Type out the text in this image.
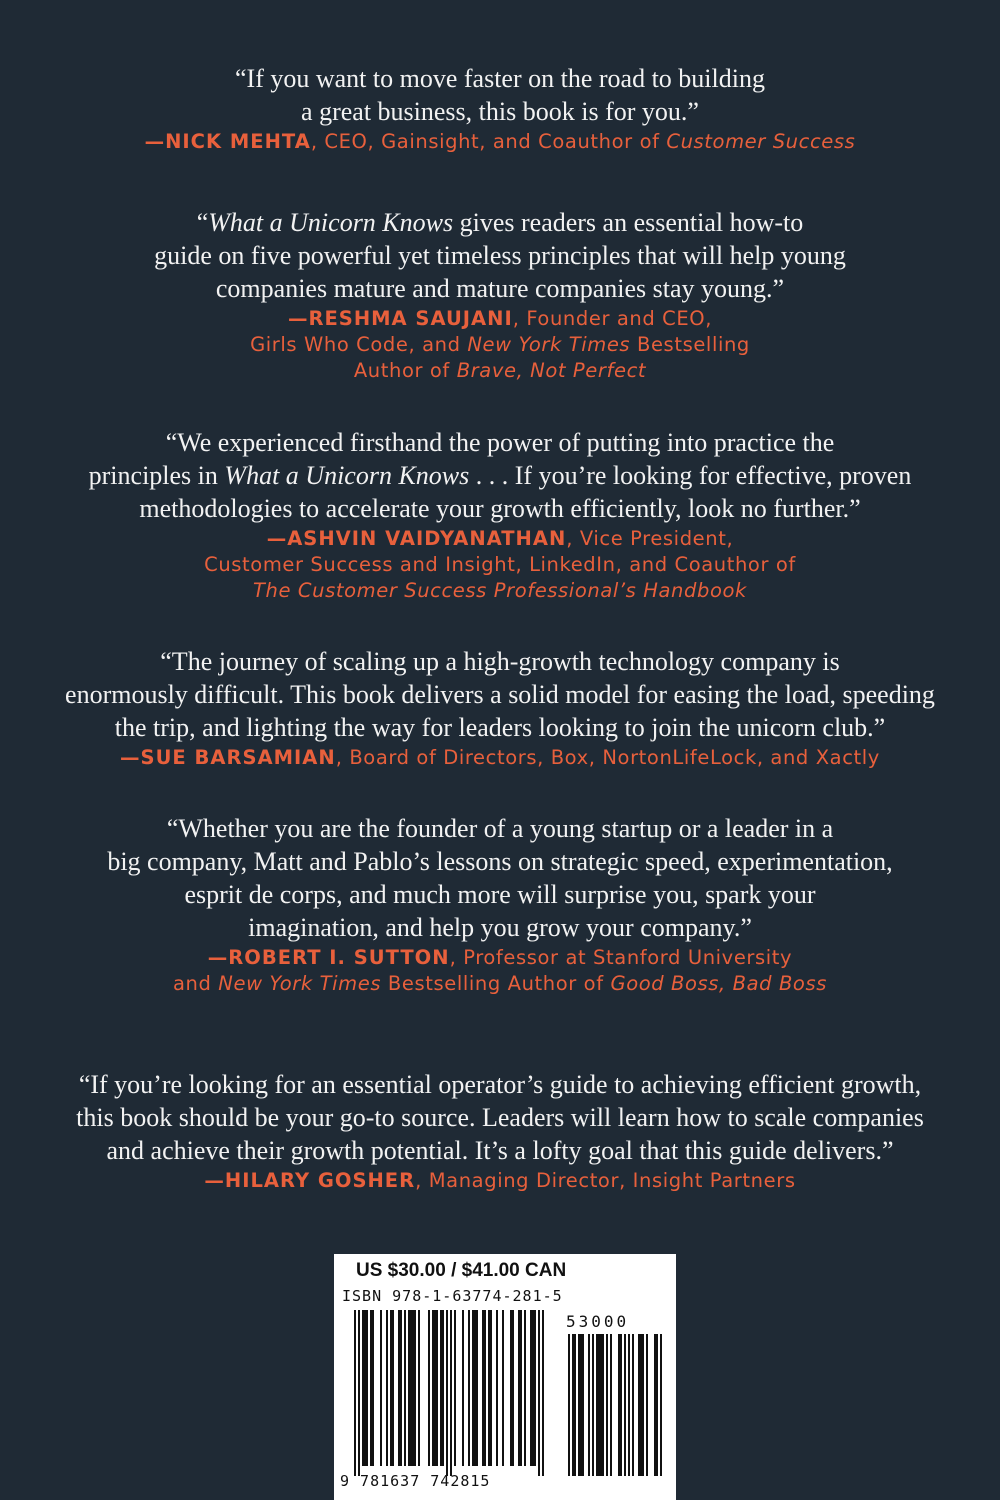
“If you want to move faster on the road to building
a great business, this book is for you.”
—NICK MEHTA, CEO, Gainsight, and Coauthor of Customer Success
“What a Unicorn Knows gives readers an essential how-to
guide on five powerful yet timeless principles that will help young
companies mature and mature companies stay young.”
—RESHMA SAUJANI, Founder and CEO,
Girls Who Code, and New York Times Bestselling
Author of Brave, Not Perfect
“We experienced firsthand the power of putting into practice the
principles in What a Unicorn Knows . . . If you’re looking for effective, proven
methodologies to accelerate your growth efficiently, look no further.”
—ASHVIN VAIDYANATHAN, Vice President,
Customer Success and Insight, LinkedIn, and Coauthor of
The Customer Success Professional’s Handbook
“The journey of scaling up a high-growth technology company is
enormously difficult. This book delivers a solid model for easing the load, speeding
the trip, and lighting the way for leaders looking to join the unicorn club.”
—SUE BARSAMIAN, Board of Directors, Box, NortonLifeLock, and Xactly
“Whether you are the founder of a young startup or a leader in a
big company, Matt and Pablo’s lessons on strategic speed, experimentation,
esprit de corps, and much more will surprise you, spark your
imagination, and help you grow your company.”
—ROBERT I. SUTTON, Professor at Stanford University
and New York Times Bestselling Author of Good Boss, Bad Boss
“If you’re looking for an essential operator’s guide to achieving efficient growth,
this book should be your go-to source. Leaders will learn how to scale companies
and achieve their growth potential. It’s a lofty goal that this guide delivers.”
—HILARY GOSHER, Managing Director, Insight Partners
US $30.00 / $41.00 CAN
ISBN 978-1-63774-281-5
53000
9 781637 742815
